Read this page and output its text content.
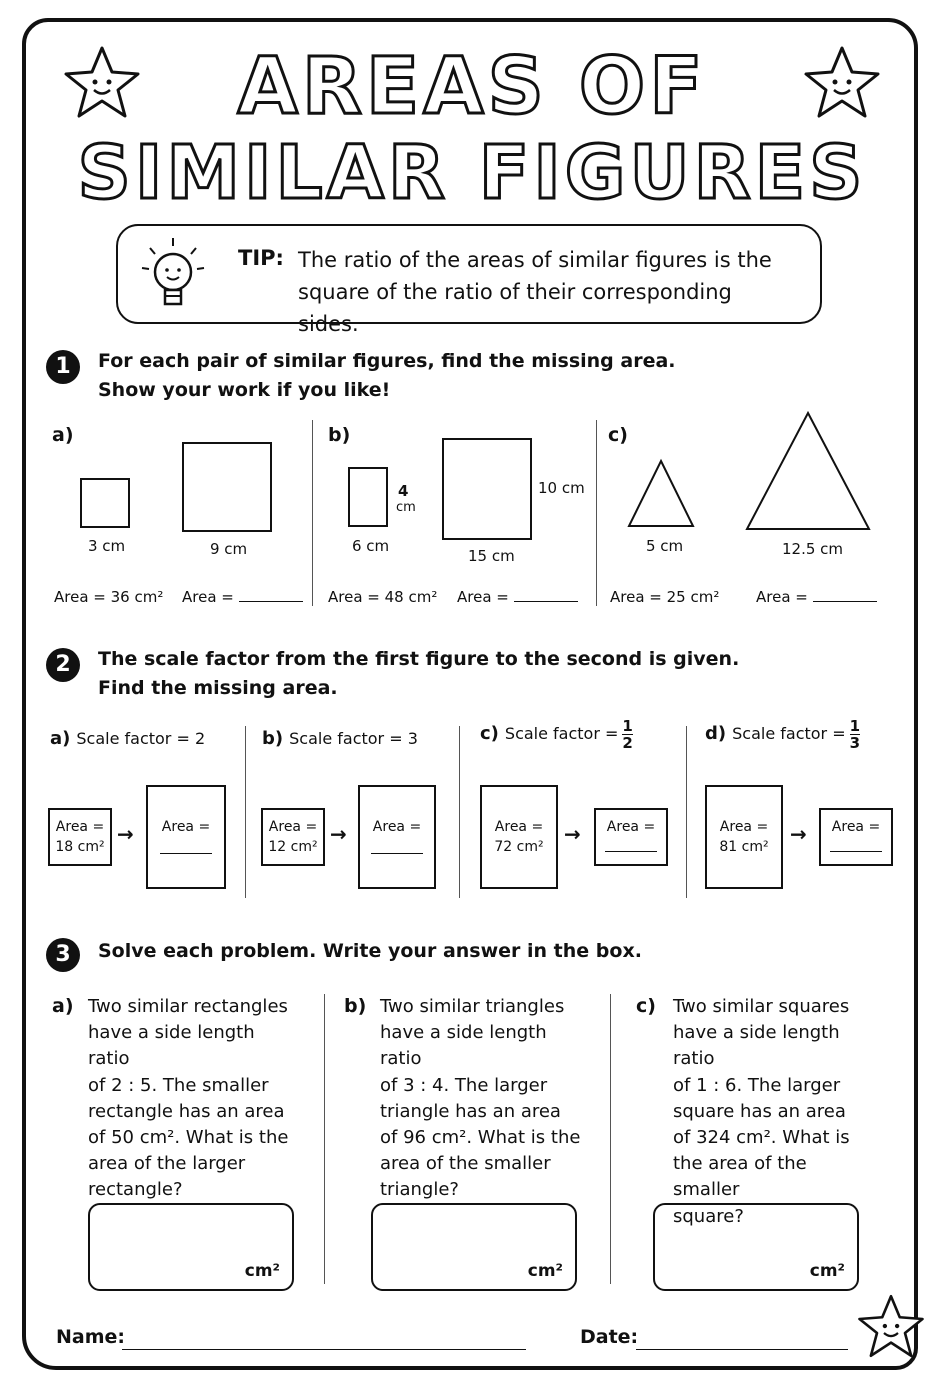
AREAS OF
SIMILAR FIGURES
TIP: The ratio of the areas of similar figures is the square of the ratio of their corresponding sides.
1	For each pair of similar figures, find the missing area.
Show your work if you like!
a)
3 cm	9 cm
Area = 36 cm² Area =
b)
4
cm
6 cm
10 cm
15 cm
Area = 48 cm² Area =
c)
5 cm	12.5 cm
Area = 25 cm² Area =
2	The scale factor from the first figure to the second is given.
Find the missing area.
a) Scale factor = 2
Area =
18 cm²
→	Area =
b) Scale factor = 3
Area =
12 cm²
→	Area =
c) Scale factor = $\frac{1}{2}$
Area =
72 cm²
→	Area =
d) Scale factor = $\frac{1}{3}$
Area =
81 cm²
→	Area =
3	Solve each problem. Write your answer in the box.
a) Two similar rectangles
have a side length ratio
of 2 : 5. The smaller
rectangle has an area
of 50 cm². What is the
area of the larger
rectangle?
cm²
b) Two similar triangles
have a side length ratio
of 3 : 4. The larger
triangle has an area
of 96 cm². What is the
area of the smaller
triangle?
cm²
c) Two similar squares
have a side length ratio
of 1 : 6. The larger
square has an area
of 324 cm². What is
the area of the smaller
square?
cm²
Name:	Date:
